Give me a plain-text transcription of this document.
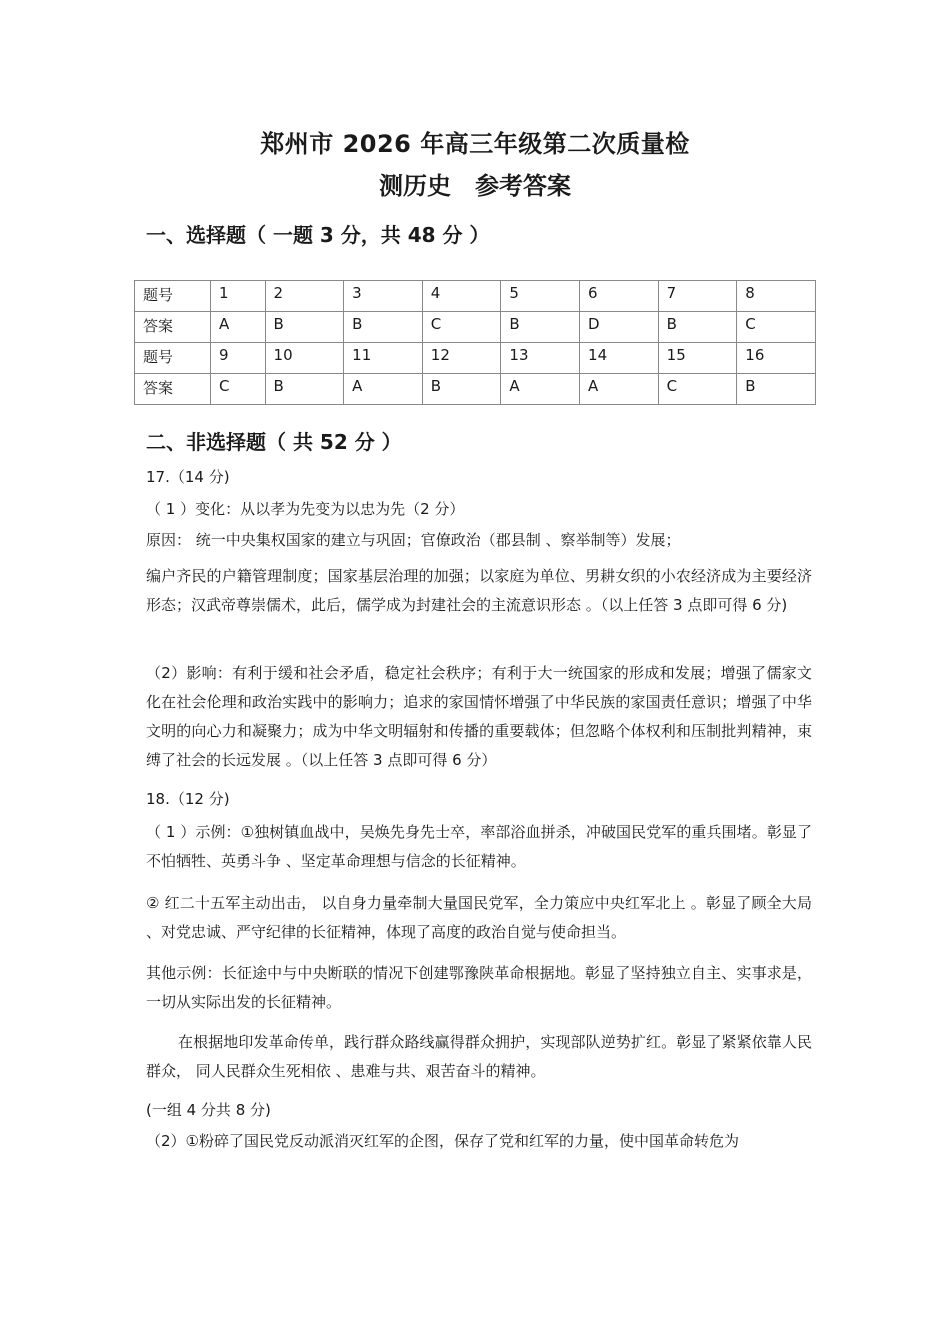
郑州市 2026 年高三年级第二次质量检
测历史　参考答案
一、选择题（ 一题 3 分，共 48 分 ）
题号	1	2	3	4	5	6	7	8
答案	A	B	B	C	B	D	B	C
题号	9	10	11	12	13	14	15	16
答案	C	B	A	B	A	A	C	B
二、非选择题（ 共 52 分 ）
17.（14 分)
（ 1 ）变化：从以孝为先变为以忠为先（2 分）
原因： 统一中央集权国家的建立与巩固；官僚政治（郡县制 、察举制等）发展；
编户齐民的户籍管理制度；国家基层治理的加强；以家庭为单位、男耕女织的小农经济成为主要经济形态；汉武帝尊崇儒术，此后，儒学成为封建社会的主流意识形态 。（以上任答 3 点即可得 6 分)
（2）影响：有利于缓和社会矛盾，稳定社会秩序；有利于大一统国家的形成和发展；增强了儒家文化在社会伦理和政治实践中的影响力；追求的家国情怀增强了中华民族的家国责任意识；增强了中华文明的向心力和凝聚力；成为中华文明辐射和传播的重要载体；但忽略个体权利和压制批判精神，束缚了社会的长远发展 。（以上任答 3 点即可得 6 分）
18.（12 分)
（ 1 ）示例：①独树镇血战中，吴焕先身先士卒，率部浴血拼杀，冲破国民党军的重兵围堵。彰显了不怕牺牲、英勇斗争 、坚定革命理想与信念的长征精神。
② 红二十五军主动出击， 以自身力量牵制大量国民党军，全力策应中央红军北上 。彰显了顾全大局 、对党忠诚、严守纪律的长征精神，体现了高度的政治自觉与使命担当。
其他示例：长征途中与中央断联的情况下创建鄂豫陕革命根据地。彰显了坚持独立自主、实事求是，一切从实际出发的长征精神。
在根据地印发革命传单，践行群众路线赢得群众拥护，实现部队逆势扩红。彰显了紧紧依靠人民群众， 同人民群众生死相依 、患难与共、艰苦奋斗的精神。
(一组 4 分共 8 分)
（2）①粉碎了国民党反动派消灭红军的企图，保存了党和红军的力量，使中国革命转危为
